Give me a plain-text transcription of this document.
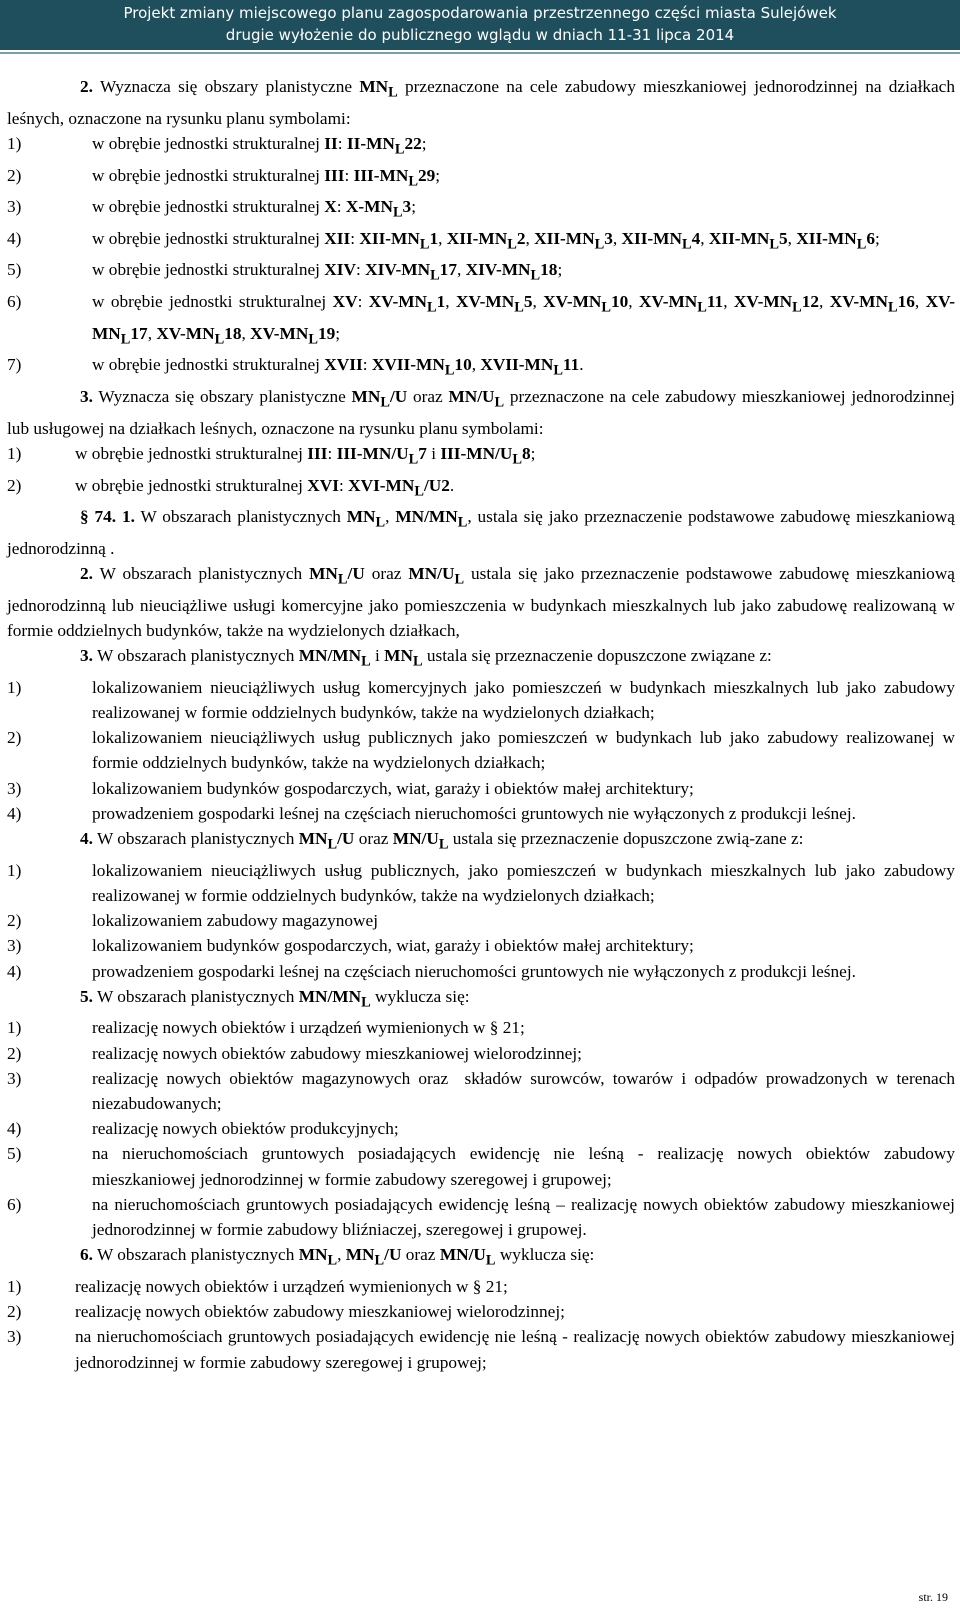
Projekt zmiany miejscowego planu zagospodarowania przestrzennego części miasta Sulejówek
drugie wyłożenie do publicznego wglądu w dniach 11-31 lipca 2014

2. Wyznacza się obszary planistyczne $MN_L$ przeznaczone na cele zabudowy mieszkaniowej jednorodzinnej na działkach leśnych, oznaczone na rysunku planu symbolami:

1)	w obrębie jednostki strukturalnej II: $II-MN_L22$;
2)	w obrębie jednostki strukturalnej III: III-$MN_L29$;
3)	w obrębie jednostki strukturalnej X: $X-MN_L3$;
4)	w obrębie jednostki strukturalnej XII: XII-$MN_L1$, XII-$MN_L2$, XII-$MN_L3$, XII-$MN_L4$, XII-$MN_L5$, XII-$MN_L6$;
5)	w obrębie jednostki strukturalnej XIV: XIV-$MN_L17$, XIV-$MN_L18$;
6)	w obrębie jednostki strukturalnej XV: $XV-MN_L1$, $XV-MN_L5$, $XV-MN_L10$, $XV-MN_L11$, $XV-MN_L12$, $XV-MN_L16$, $XV-MN_L17$, $XV-MN_L18$, $XV-MN_L19$;
7)	w obrębie jednostki strukturalnej XVII: XVII-$MN_L10$, XVII-$MN_L11$.

3. Wyznacza się obszary planistyczne $MN_L/U$ oraz $MN/U_L$ przeznaczone na cele zabudowy mieszkaniowej jednorodzinnej lub usługowej na działkach leśnych, oznaczone na rysunku planu symbolami:

1)	w obrębie jednostki strukturalnej III: III-$MN/U_L7$ i III-$MN/U_L8$;
2)	w obrębie jednostki strukturalnej XVI: XVI-$MN_L/U2$.

§ 74. 1. W obszarach planistycznych $MN_L$, $MN/MN_L$, ustala się jako przeznaczenie podstawowe zabudowę mieszkaniową jednorodzinną .

2. W obszarach planistycznych $MN_L/U$ oraz $MN/U_L$ ustala się jako przeznaczenie podstawowe zabudowę mieszkaniową jednorodzinną lub nieuciążliwe usługi komercyjne jako pomieszczenia w budynkach mieszkalnych lub jako zabudowę realizowaną w formie oddzielnych budynków, także na wydzielonych działkach,

3. W obszarach planistycznych $MN/MN_L$ i $MN_L$ ustala się przeznaczenie dopuszczone związane z:

1)	lokalizowaniem nieuciążliwych usług komercyjnych jako pomieszczeń w budynkach mieszkalnych lub jako zabudowy realizowanej w formie oddzielnych budynków, także na wydzielonych działkach;
2)	lokalizowaniem nieuciążliwych usług publicznych jako pomieszczeń w budynkach lub jako zabudowy realizowanej w formie oddzielnych budynków, także na wydzielonych działkach;
3)	lokalizowaniem budynków gospodarczych, wiat, garaży i obiektów małej architektury;
4)	prowadzeniem gospodarki leśnej na częściach nieruchomości gruntowych nie wyłączonych z produkcji leśnej.

4. W obszarach planistycznych $MN_L/U$ oraz $MN/U_L$ ustala się przeznaczenie dopuszczone zwią-zane z:

1)	lokalizowaniem nieuciążliwych usług publicznych, jako pomieszczeń w budynkach mieszkalnych lub jako zabudowy realizowanej w formie oddzielnych budynków, także na wydzielonych działkach;
2)	lokalizowaniem zabudowy magazynowej
3)	lokalizowaniem budynków gospodarczych, wiat, garaży i obiektów małej architektury;
4)	prowadzeniem gospodarki leśnej na częściach nieruchomości gruntowych nie wyłączonych z produkcji leśnej.

5. W obszarach planistycznych $MN/MN_L$ wyklucza się:

1)	realizację nowych obiektów i urządzeń wymienionych w § 21;
2)	realizację nowych obiektów zabudowy mieszkaniowej wielorodzinnej;
3)	realizację nowych obiektów magazynowych oraz  składów surowców, towarów i odpadów prowadzonych w terenach niezabudowanych;
4)	realizację nowych obiektów produkcyjnych;
5)	na nieruchomościach gruntowych posiadających ewidencję nie leśną - realizację nowych obiektów zabudowy mieszkaniowej jednorodzinnej w formie zabudowy szeregowej i grupowej;
6)	na nieruchomościach gruntowych posiadających ewidencję leśną – realizację nowych obiektów zabudowy mieszkaniowej jednorodzinnej w formie zabudowy bliźniaczej, szeregowej i grupowej.

6. W obszarach planistycznych $MN_L$, $MN_L/U$ oraz $MN/U_L$ wyklucza się:

1)	realizację nowych obiektów i urządzeń wymienionych w § 21;
2)	realizację nowych obiektów zabudowy mieszkaniowej wielorodzinnej;
3)	na nieruchomościach gruntowych posiadających ewidencję nie leśną - realizację nowych obiektów zabudowy mieszkaniowej jednorodzinnej w formie zabudowy szeregowej i grupowej;
str. 19
